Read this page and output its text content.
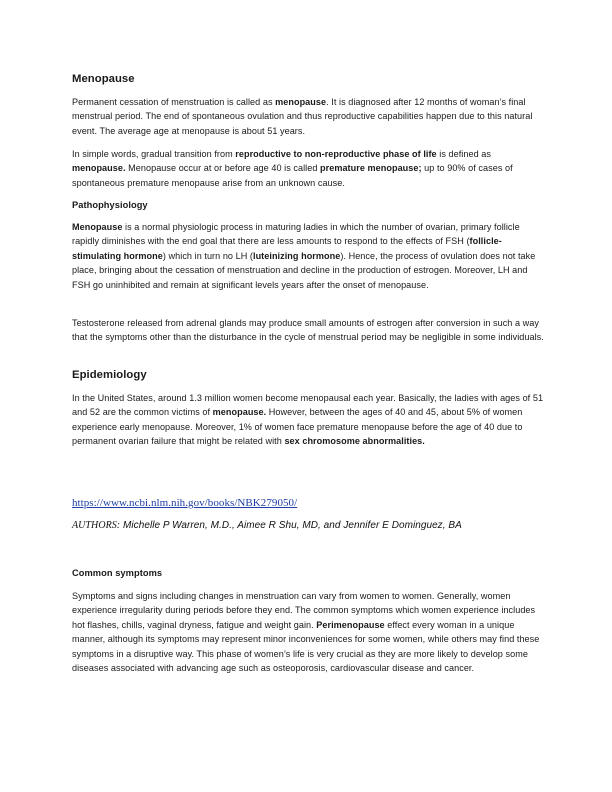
Menopause
Permanent cessation of menstruation is called as menopause. It is diagnosed after 12 months of woman’s final menstrual period. The end of spontaneous ovulation and thus reproductive capabilities happen due to this natural event. The average age at menopause is about 51 years.
In simple words, gradual transition from reproductive to non-reproductive phase of life is defined as menopause. Menopause occur at or before age 40 is called premature menopause; up to 90% of cases of spontaneous premature menopause arise from an unknown cause.
Pathophysiology
Menopause is a normal physiologic process in maturing ladies in which the number of ovarian, primary follicle rapidly diminishes with the end goal that there are less amounts to respond to the effects of FSH (follicle-stimulating hormone) which in turn no LH (luteinizing hormone). Hence, the process of ovulation does not take place, bringing about the cessation of menstruation and decline in the production of estrogen. Moreover, LH and FSH go uninhibited and remain at significant levels years after the onset of menopause.
Testosterone released from adrenal glands may produce small amounts of estrogen after conversion in such a way that the symptoms other than the disturbance in the cycle of menstrual period may be negligible in some individuals.
Epidemiology
In the United States, around 1.3 million women become menopausal each year. Basically, the ladies with ages of 51 and 52 are the common victims of menopause. However, between the ages of 40 and 45, about 5% of women experience early menopause. Moreover, 1% of women face premature menopause before the age of 40 due to permanent ovarian failure that might be related with sex chromosome abnormalities.
https://www.ncbi.nlm.nih.gov/books/NBK279050/
AUTHORS: Michelle P Warren, M.D., Aimee R Shu, MD, and Jennifer E Dominguez, BA
Common symptoms
Symptoms and signs including changes in menstruation can vary from women to women. Generally, women experience irregularity during periods before they end. The common symptoms which women experience includes hot flashes, chills, vaginal dryness, fatigue and weight gain. Perimenopause effect every woman in a unique manner, although its symptoms may represent minor inconveniences for some women, while others may find these symptoms in a disruptive way. This phase of women’s life is very crucial as they are more likely to develop some diseases associated with advancing age such as osteoporosis, cardiovascular disease and cancer.
